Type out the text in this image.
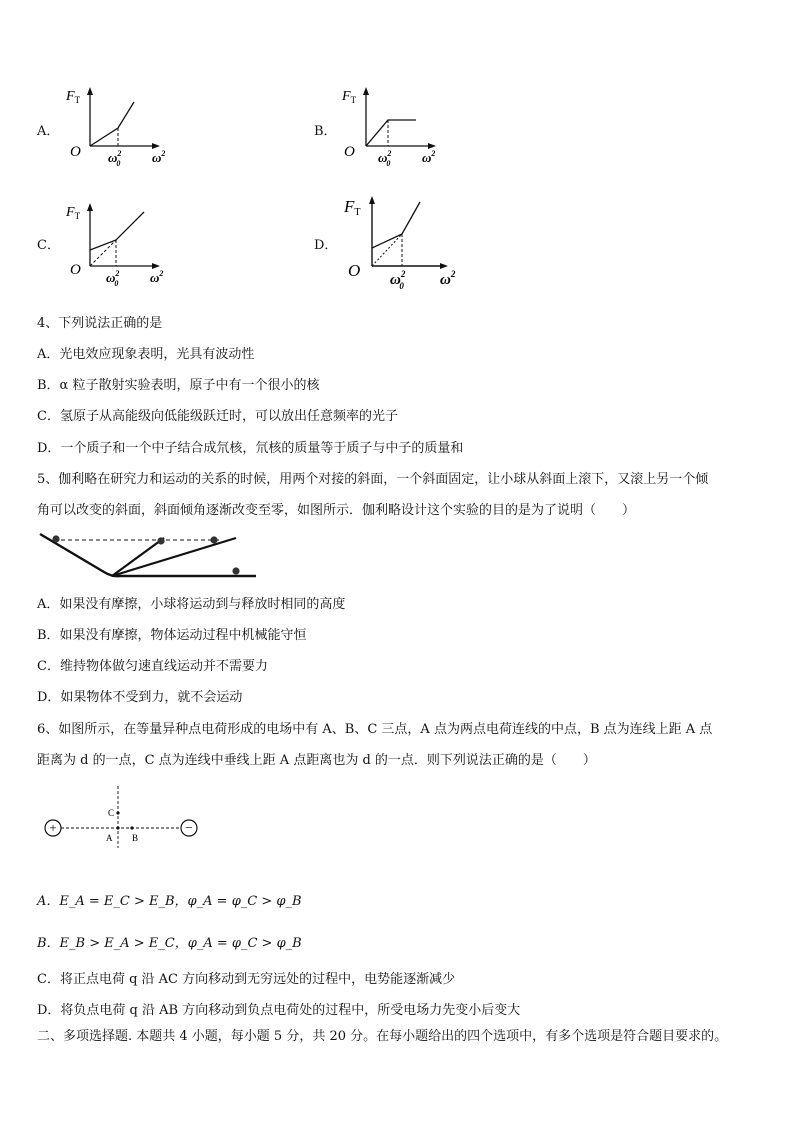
A．
$F_T$
O $\omega^2$ 0 $\omega^2$
B．
$F_T$
O $\omega^2$ 0 $\omega^2$
C．
$F_T$
O $\omega^2$ 0 $\omega^2$
D．
FT
O $\omega^2$ 0 $\omega^2$
4、下列说法正确的是
A．光电效应现象表明，光具有波动性
B．α 粒子散射实验表明，原子中有一个很小的核
C．氢原子从高能级向低能级跃迁时，可以放出任意频率的光子
D．一个质子和一个中子结合成氘核，氘核的质量等于质子与中子的质量和
5、伽利略在研究力和运动的关系的时候，用两个对接的斜面，一个斜面固定，让小球从斜面上滚下，又滚上另一个倾
角可以改变的斜面，斜面倾角逐渐改变至零，如图所示．伽利略设计这个实验的目的是为了说明（　　）
A．如果没有摩擦，小球将运动到与释放时相同的高度
B．如果没有摩擦，物体运动过程中机械能守恒
C．维持物体做匀速直线运动并不需要力
D．如果物体不受到力，就不会运动
6、如图所示，在等量异种点电荷形成的电场中有 A、B、C 三点，A 点为两点电荷连线的中点，B 点为连线上距 A 点
距离为 d 的一点，C 点为连线中垂线上距 A 点距离也为 d 的一点．则下列说法正确的是（　　）
+	−
C
A B
A．E_A = E_C > E_B，φ_A = φ_C > φ_B
B．E_B > E_A > E_C，φ_A = φ_C > φ_B
C．将正点电荷 q 沿 AC 方向移动到无穷远处的过程中，电势能逐渐减少
D．将负点电荷 q 沿 AB 方向移动到负点电荷处的过程中，所受电场力先变小后变大
二、多项选择题. 本题共 4 小题，每小题 5 分，共 20 分。在每小题给出的四个选项中，有多个选项是符合题目要求的。
